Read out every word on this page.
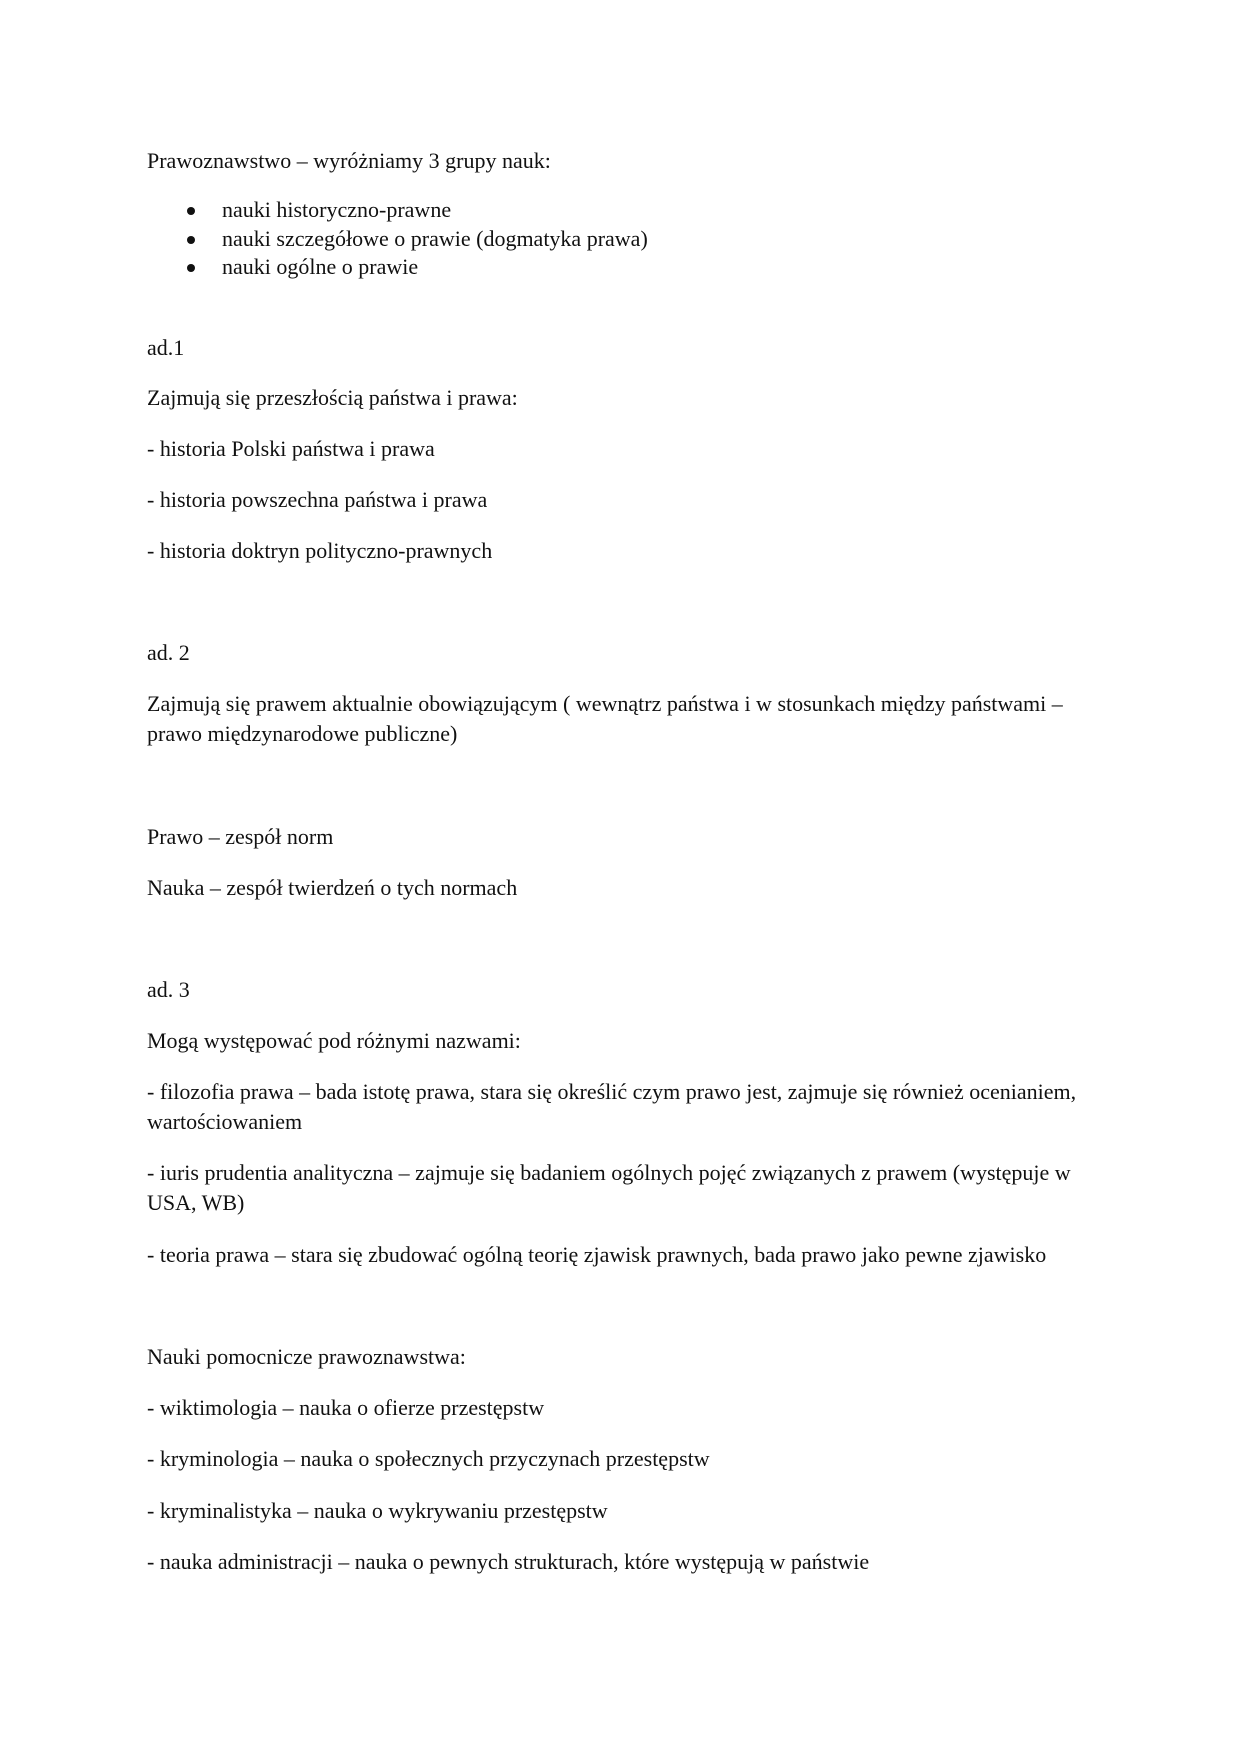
Prawoznawstwo – wyróżniamy 3 grupy nauk:

nauki historyczno-prawne
nauki szczegółowe o prawie (dogmatyka prawa)
nauki ogólne o prawie

ad.1

Zajmują się przeszłością państwa i prawa:

- historia Polski państwa i prawa

- historia powszechna państwa i prawa

- historia doktryn polityczno-prawnych

ad. 2

Zajmują się prawem aktualnie obowiązującym ( wewnątrz państwa i w stosunkach między państwami – prawo międzynarodowe publiczne)

Prawo – zespół norm

Nauka – zespół twierdzeń o tych normach

ad. 3

Mogą występować pod różnymi nazwami:

- filozofia prawa – bada istotę prawa, stara się określić czym prawo jest, zajmuje się również ocenianiem, wartościowaniem

- iuris prudentia analityczna – zajmuje się badaniem ogólnych pojęć związanych z prawem (występuje w USA, WB)

- teoria prawa – stara się zbudować ogólną teorię zjawisk prawnych, bada prawo jako pewne zjawisko

Nauki pomocnicze prawoznawstwa:

- wiktimologia – nauka o ofierze przestępstw

- kryminologia – nauka o społecznych przyczynach przestępstw

- kryminalistyka – nauka o wykrywaniu przestępstw

- nauka administracji – nauka o pewnych strukturach, które występują w państwie
